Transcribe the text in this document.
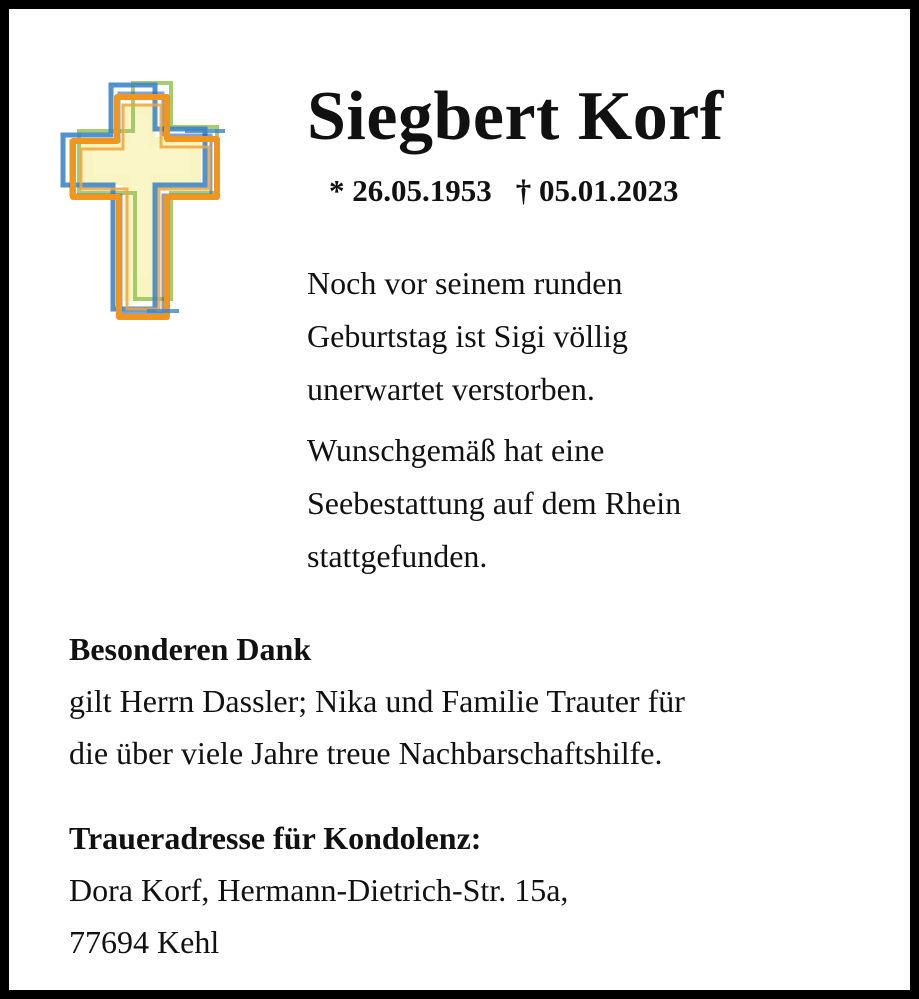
Siegbert Korf
* 26.05.1953 † 05.01.2023
Noch vor seinem runden
Geburtstag ist Sigi völlig
unerwartet verstorben.
Wunschgemäß hat eine
Seebestattung auf dem Rhein
stattgefunden.
Besonderen Dank
gilt Herrn Dassler; Nika und Familie Trauter für
die über viele Jahre treue Nachbarschaftshilfe.
Traueradresse für Kondolenz:
Dora Korf, Hermann-Dietrich-Str. 15a,
77694 Kehl
